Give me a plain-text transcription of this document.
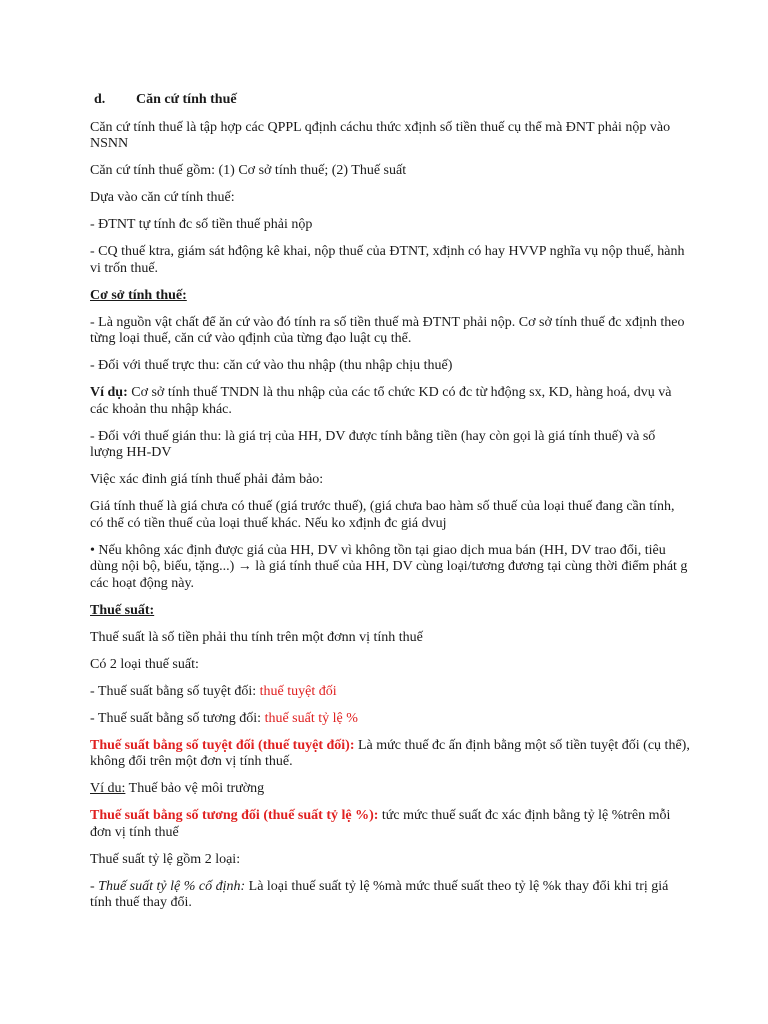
d.	Căn cứ tính thuế

Căn cứ tính thuế là tập hợp các QPPL qđịnh cáchu thức xđịnh số tiền thuế cụ thể mà ĐNT phải nộp vào NSNN

Căn cứ tính thuế gồm: (1) Cơ sở tính thuế; (2) Thuế suất

Dựa vào căn cứ tính thuế:

- ĐTNT tự tính đc số tiền thuế phải nộp

- CQ thuế ktra, giám sát hđộng kê khai, nộp thuế của ĐTNT, xđịnh có hay HVVP nghĩa vụ nộp thuế, hành vi trốn thuế.

Cơ sở tính thuế:

- Là nguồn vật chất để ăn cứ vào đó tính ra số tiền thuế mà ĐTNT phải nộp. Cơ sở tính thuế đc xđịnh theo từng loại thuế, căn cứ vào qđịnh của từng đạo luật cụ thể.

- Đối với thuế trực thu: căn cứ vào thu nhập (thu nhập chịu thuế)

Ví dụ: Cơ sở tính thuế TNDN là thu nhập của các tổ chức KD có đc từ hđộng sx, KD, hàng hoá, dvụ và các khoản thu nhập khác.

- Đối với thuế gián thu: là giá trị của HH, DV được tính bằng tiền (hay còn gọi là giá tính thuế) và số lượng HH-DV

Việc xác đinh giá tính thuế phải đảm bảo:

Giá tính thuế là giá chưa có thuế (giá trước thuế), (giá chưa bao hàm số thuế của loại thuế đang cần tính, có thể có tiền thuế của loại thuế khác. Nếu ko xđịnh đc giá dvuj

• Nếu không xác định được giá của HH, DV vì không tồn tại giao dịch mua bán (HH, DV trao đổi, tiêu dùng nội bộ, biếu, tặng...) → là giá tính thuế của HH, DV cùng loại/tương đương tại cùng thời điểm phát g các hoạt động này.

Thuế suất:

Thuế suất là số tiền phải thu tính trên một đơnn vị tính thuế

Có 2 loại thuế suất:

- Thuế suất bằng số tuyệt đối: thuế tuyệt đối

- Thuế suất bằng số tương đối: thuế suất tỷ lệ %

Thuế suất bằng số tuyệt đối (thuế tuyệt đối): Là mức thuế đc ấn định bằng một số tiền tuyệt đối (cụ thể), không đổi trên một đơn vị tính thuế.

Ví du: Thuế bảo vệ môi trường

Thuế suất bằng số tương đối (thuế suất tỷ lệ %): tức mức thuế suất đc xác định bằng tỷ lệ %trên mỗi đơn vị tính thuế

Thuế suất tỷ lệ gồm 2 loại:

- Thuế suất tỷ lệ % cố định: Là loại thuế suất tỷ lệ %mà mức thuế suất theo tỷ lệ %k thay đổi khi trị giá tính thuế thay đổi.
